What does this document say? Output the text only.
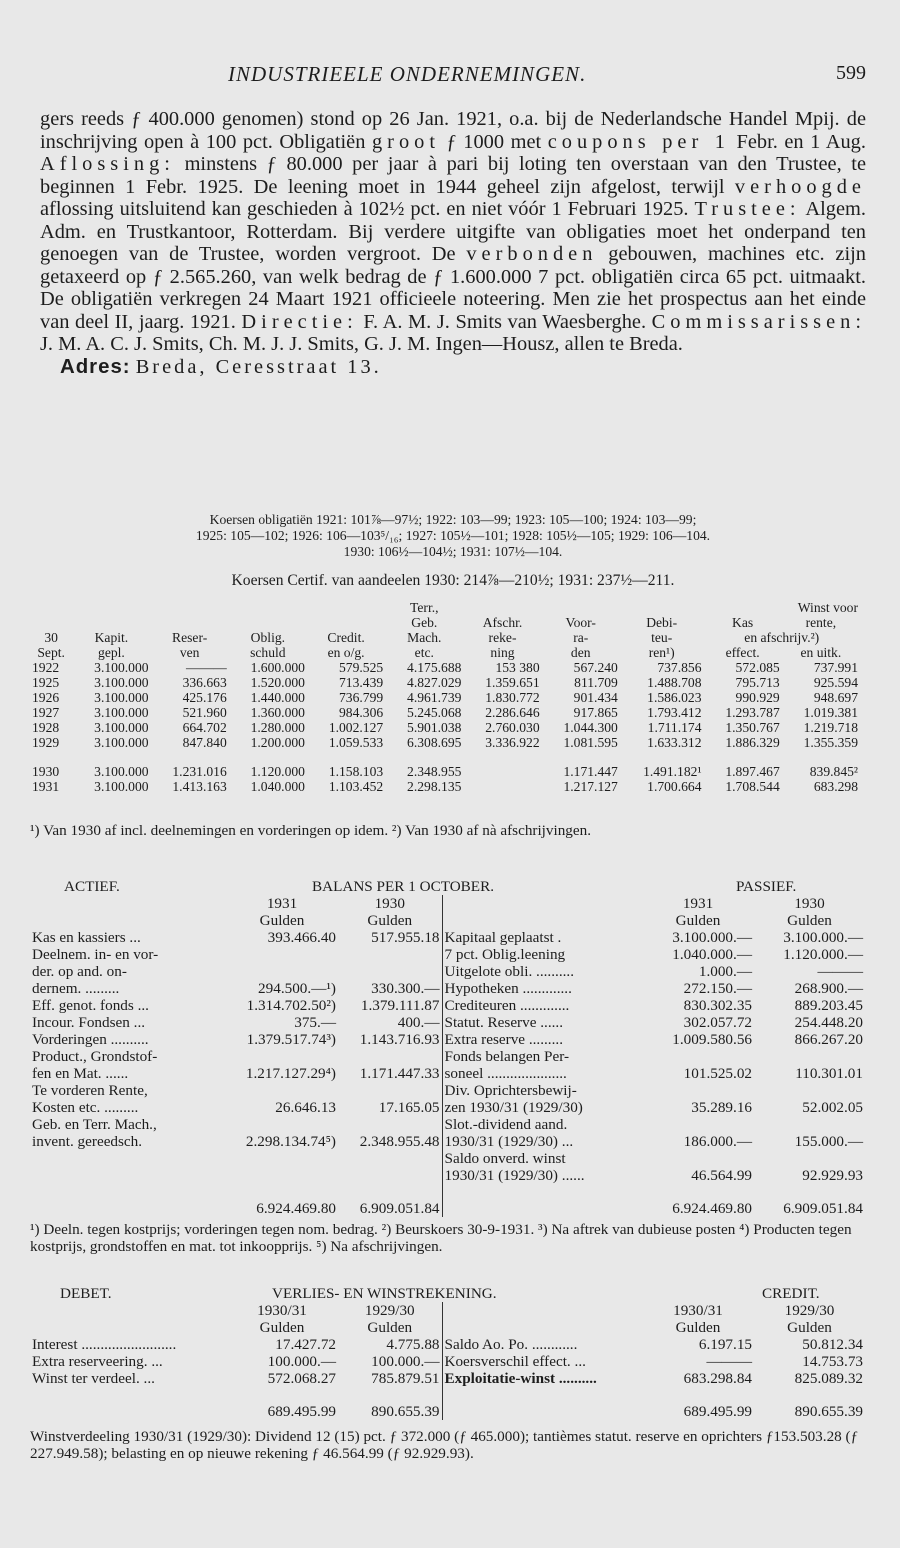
INDUSTRIEELE ONDERNEMINGEN.	599
gers reeds ƒ 400.000 genomen) stond op 26 Jan. 1921, o.a. bij de Nederlandsche Handel Mpij. de inschrijving open à 100 pct. Obligatiën groot ƒ 1000 met coupons per 1 Febr. en 1 Aug. Aflossing: minstens ƒ 80.000 per jaar à pari bij loting ten overstaan van den Trustee, te beginnen 1 Febr. 1925. De leening moet in 1944 geheel zijn afgelost, terwijl verhoogde aflossing uitsluitend kan geschieden à 102½ pct. en niet vóór 1 Februari 1925. Trustee: Algem. Adm. en Trustkantoor, Rotterdam. Bij verdere uitgifte van obligaties moet het onderpand ten genoegen van de Trustee, worden vergroot. De verbonden gebouwen, machines etc. zijn getaxeerd op ƒ 2.565.260, van welk bedrag de ƒ 1.600.000 7 pct. obligatiën circa 65 pct. uitmaakt. De obligatiën verkregen 24 Maart 1921 officieele noteering. Men zie het prospectus aan het einde van deel II, jaarg. 1921. Directie: F. A. M. J. Smits van Waesberghe. Commissarissen: J. M. A. C. J. Smits, Ch. M. J. J. Smits, G. J. M. Ingen—Housz, allen te Breda.
Adres: Breda, Ceresstraat 13.
Koersen obligatiën 1921: 101⅞—97½; 1922: 103—99; 1923: 105—100; 1924: 103—99;
1925: 105—102; 1926: 106—103⁵/₁₆; 1927: 105½—101; 1928: 105½—105; 1929: 106—104.
1930: 106½—104½; 1931: 107½—104.
Koersen Certif. van aandeelen 1930: 214⅞—210½; 1931: 237½—211.
					Terr.,				Winst voor	
					Geb.	Afschr.	Voor-	Debi-	Kas	rente,
30	Kapit.	Reser-	Oblig.	Credit.	Mach.	reke-	ra-	teu-	en afschrijv.²)	
Sept.	gepl.	ven	schuld	en o/g.	etc.	ning	den	ren¹)	effect.	en uitk.
1922	3.100.000	———	1.600.000	579.525	4.175.688	153 380	567.240	737.856	572.085	737.991
1925	3.100.000	336.663	1.520.000	713.439	4.827.029	1.359.651	811.709	1.488.708	795.713	925.594
1926	3.100.000	425.176	1.440.000	736.799	4.961.739	1.830.772	901.434	1.586.023	990.929	948.697
1927	3.100.000	521.960	1.360.000	984.306	5.245.068	2.286.646	917.865	1.793.412	1.293.787	1.019.381
1928	3.100.000	664.702	1.280.000	1.002.127	5.901.038	2.760.030	1.044.300	1.711.174	1.350.767	1.219.718
1929	3.100.000	847.840	1.200.000	1.059.533	6.308.695	3.336.922	1.081.595	1.633.312	1.886.329	1.355.359

1930	3.100.000	1.231.016	1.120.000	1.158.103	2.348.955		1.171.447	1.491.182¹	1.897.467	839.845²
1931	3.100.000	1.413.163	1.040.000	1.103.452	2.298.135		1.217.127	1.700.664	1.708.544	683.298
¹) Van 1930 af incl. deelnemingen en vorderingen op idem. ²) Van 1930 af nà afschrijvingen.
ACTIEF.	BALANS PER 1 OCTOBER.	PASSIEF.
	1931	1930		1931	1930
	Gulden	Gulden		Gulden	Gulden
Kas en kassiers ...	393.466.40	517.955.18	Kapitaal geplaatst .	3.100.000.—	3.100.000.—
Deelnem. in- en vor-			7 pct. Oblig.leening	1.040.000.—	1.120.000.—
der. op and. on-			Uitgelote obli. ..........	1.000.—	———
dernem. .........	294.500.—¹)	330.300.—	Hypotheken .............	272.150.—	268.900.—
Eff. genot. fonds ...	1.314.702.50²)	1.379.111.87	Crediteuren .............	830.302.35	889.203.45
Incour. Fondsen ...	375.—	400.—	Statut. Reserve ......	302.057.72	254.448.20
Vorderingen ..........	1.379.517.74³)	1.143.716.93	Extra reserve .........	1.009.580.56	866.267.20
Product., Grondstof-			Fonds belangen Per-		
fen en Mat. ......	1.217.127.29⁴)	1.171.447.33	soneel .....................	101.525.02	110.301.01
Te vorderen Rente,			Div. Oprichtersbewij-		
Kosten etc. .........	26.646.13	17.165.05	zen 1930/31 (1929/30)	35.289.16	52.002.05
Geb. en Terr. Mach.,			Slot.-dividend aand.		
invent. gereedsch.	2.298.134.74⁵)	2.348.955.48	1930/31 (1929/30) ...	186.000.—	155.000.—
			Saldo onverd. winst		
			1930/31 (1929/30) ......	46.564.99	92.929.93
	6.924.469.80	6.909.051.84		6.924.469.80	6.909.051.84
¹) Deeln. tegen kostprijs; vorderingen tegen nom. bedrag. ²) Beurskoers 30-9-1931. ³) Na aftrek van dubieuse posten ⁴) Producten tegen kostprijs, grondstoffen en mat. tot inkoopprijs. ⁵) Na afschrijvingen.
DEBET.	VERLIES- EN WINSTREKENING.	CREDIT.
	1930/31	1929/30		1930/31	1929/30
	Gulden	Gulden		Gulden	Gulden
Interest .........................	17.427.72	4.775.88	Saldo Ao. Po. ............	6.197.15	50.812.34
Extra reserveering. ...	100.000.—	100.000.—	Koersverschil effect. ...	———	14.753.73
Winst ter verdeel. ...	572.068.27	785.879.51	Exploitatie-winst ..........	683.298.84	825.089.32
	689.495.99	890.655.39		689.495.99	890.655.39
Winstverdeeling 1930/31 (1929/30): Dividend 12 (15) pct. ƒ 372.000 (ƒ 465.000); tantièmes statut. reserve en oprichters ƒ153.503.28 (ƒ 227.949.58); belasting en op nieuwe rekening ƒ 46.564.99 (ƒ 92.929.93).
